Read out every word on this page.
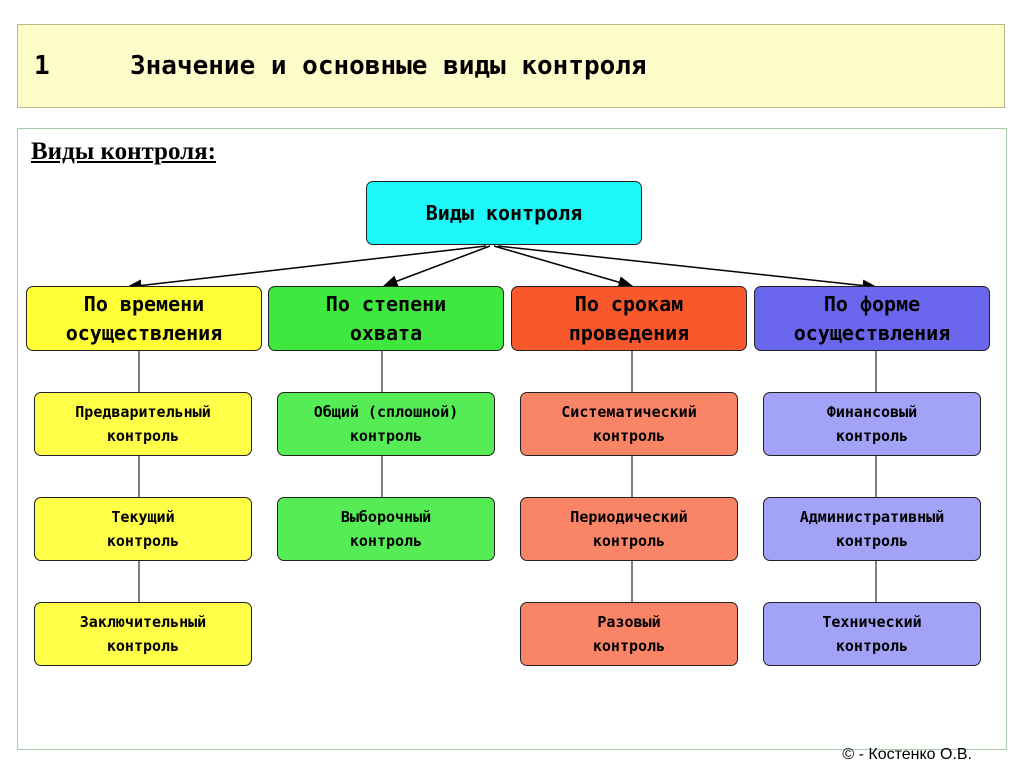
1	Значение и основные виды контроля
Виды контроля:
Виды контроля
По времени
осуществления
По степени
охвата
По срокам
проведения
По форме
осуществления
Предварительный
контроль
Текущий
контроль
Заключительный
контроль
Общий (сплошной)
контроль
Выборочный
контроль
Систематический
контроль
Периодический
контроль
Разовый
контроль
Финансовый
контроль
Административный
контроль
Технический
контроль
© - Костенко О.В.
